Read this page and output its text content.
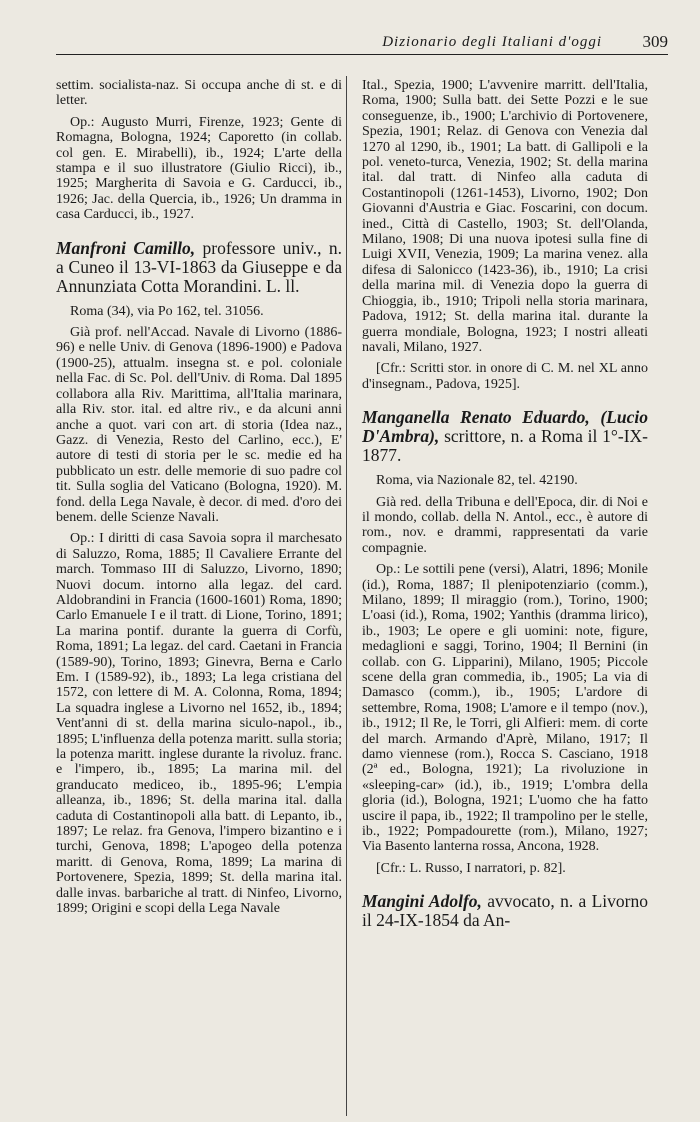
Dizionario degli Italiani d'oggi 309

settim. socialista-naz. Si occupa anche di st. e di letter.

Op.: Augusto Murri, Firenze, 1923; Gente di Romagna, Bologna, 1924; Caporetto (in collab. col gen. E. Mirabelli), ib., 1924; L'arte della stampa e il suo illustratore (Giulio Ricci), ib., 1925; Margherita di Savoia e G. Carducci, ib., 1926; Jac. della Quercia, ib., 1926; Un dramma in casa Carducci, ib., 1927.

Manfroni Camillo, professore univ., n. a Cuneo il 13-VI-1863 da Giuseppe e da Annunziata Cotta Morandini. L. ll.

Roma (34), via Po 162, tel. 31056.

Già prof. nell'Accad. Navale di Livorno (1886-96) e nelle Univ. di Genova (1896-1900) e Padova (1900-25), attualm. insegna st. e pol. coloniale nella Fac. di Sc. Pol. dell'Univ. di Roma. Dal 1895 collabora alla Riv. Marittima, all'Italia marinara, alla Riv. stor. ital. ed altre riv., e da alcuni anni anche a quot. vari con art. di storia (Idea naz., Gazz. di Venezia, Resto del Carlino, ecc.), E' autore di testi di storia per le sc. medie ed ha pubblicato un estr. delle memorie di suo padre col tit. Sulla soglia del Vaticano (Bologna, 1920). M. fond. della Lega Navale, è decor. di med. d'oro dei benem. delle Scienze Navali.

Op.: I diritti di casa Savoia sopra il marchesato di Saluzzo, Roma, 1885; Il Cavaliere Errante del march. Tommaso III di Saluzzo, Livorno, 1890; Nuovi docum. intorno alla legaz. del card. Aldobrandini in Francia (1600-1601) Roma, 1890; Carlo Emanuele I e il tratt. di Lione, Torino, 1891; La marina pontif. durante la guerra di Corfù, Roma, 1891; La legaz. del card. Caetani in Francia (1589-90), Torino, 1893; Ginevra, Berna e Carlo Em. I (1589-92), ib., 1893; La lega cristiana del 1572, con lettere di M. A. Colonna, Roma, 1894; La squadra inglese a Livorno nel 1652, ib., 1894; Vent'anni di st. della marina siculo-napol., ib., 1895; L'influenza della potenza maritt. sulla storia; la potenza maritt. inglese durante la rivoluz. franc. e l'impero, ib., 1895; La marina mil. del granducato mediceo, ib., 1895-96; L'empia alleanza, ib., 1896; St. della marina ital. dalla caduta di Costantinopoli alla batt. di Lepanto, ib., 1897; Le relaz. fra Genova, l'impero bizantino e i turchi, Genova, 1898; L'apogeo della potenza maritt. di Genova, Roma, 1899; La marina di Portovenere, Spezia, 1899; St. della marina ital. dalle invas. barbariche al tratt. di Ninfeo, Livorno, 1899; Origini e scopi della Lega Navale

Ital., Spezia, 1900; L'avvenire marritt. dell'Italia, Roma, 1900; Sulla batt. dei Sette Pozzi e le sue conseguenze, ib., 1900; L'archivio di Portovenere, Spezia, 1901; Relaz. di Genova con Venezia dal 1270 al 1290, ib., 1901; La batt. di Gallipoli e la pol. veneto-turca, Venezia, 1902; St. della marina ital. dal tratt. di Ninfeo alla caduta di Costantinopoli (1261-1453), Livorno, 1902; Don Giovanni d'Austria e Giac. Foscarini, con docum. ined., Città di Castello, 1903; St. dell'Olanda, Milano, 1908; Di una nuova ipotesi sulla fine di Luigi XVII, Venezia, 1909; La marina venez. alla difesa di Salonicco (1423-36), ib., 1910; La crisi della marina mil. di Venezia dopo la guerra di Chioggia, ib., 1910; Tripoli nella storia marinara, Padova, 1912; St. della marina ital. durante la guerra mondiale, Bologna, 1923; I nostri alleati navali, Milano, 1927.

[Cfr.: Scritti stor. in onore di C. M. nel XL anno d'insegnam., Padova, 1925].

Manganella Renato Eduardo, (Lucio D'Ambra), scrittore, n. a Roma il 1°-IX-1877.

Roma, via Nazionale 82, tel. 42190.

Già red. della Tribuna e dell'Epoca, dir. di Noi e il mondo, collab. della N. Antol., ecc., è autore di rom., nov. e drammi, rappresentati da varie compagnie.

Op.: Le sottili pene (versi), Alatri, 1896; Monile (id.), Roma, 1887; Il plenipotenziario (comm.), Milano, 1899; Il miraggio (rom.), Torino, 1900; L'oasi (id.), Roma, 1902; Yanthis (dramma lirico), ib., 1903; Le opere e gli uomini: note, figure, medaglioni e saggi, Torino, 1904; Il Bernini (in collab. con G. Lipparini), Milano, 1905; Piccole scene della gran commedia, ib., 1905; La via di Damasco (comm.), ib., 1905; L'ardore di settembre, Roma, 1908; L'amore e il tempo (nov.), ib., 1912; Il Re, le Torri, gli Alfieri: mem. di corte del march. Armando d'Aprè, Milano, 1917; Il damo viennese (rom.), Rocca S. Casciano, 1918 (2ª ed., Bologna, 1921); La rivoluzione in «sleeping-car» (id.), ib., 1919; L'ombra della gloria (id.), Bologna, 1921; L'uomo che ha fatto uscire il papa, ib., 1922; Il trampolino per le stelle, ib., 1922; Pompadourette (rom.), Milano, 1927; Via Basento lanterna rossa, Ancona, 1928.

[Cfr.: L. Russo, I narratori, p. 82].

Mangini Adolfo, avvocato, n. a Livorno il 24-IX-1854 da An-
